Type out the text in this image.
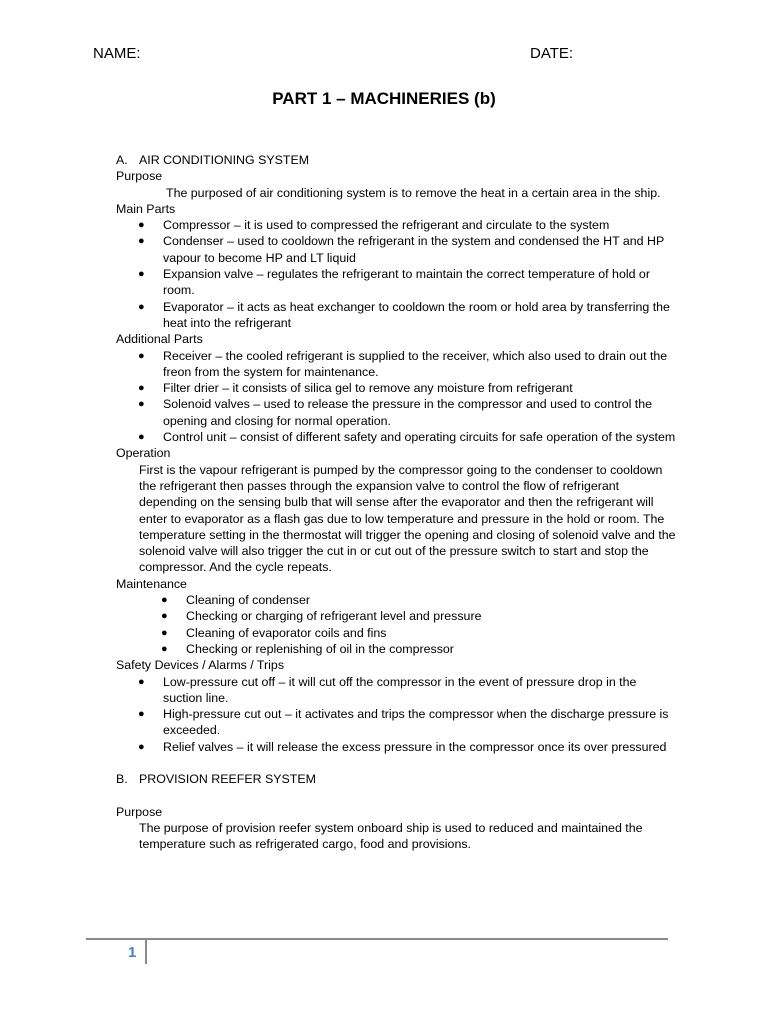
NAME:	DATE:
PART 1 – MACHINERIES (b)

A. AIR CONDITIONING SYSTEM

Purpose

The purposed of air conditioning system is to remove the heat in a certain area in the ship.

Main Parts

● Compressor – it is used to compressed the refrigerant and circulate to the system
● Condenser – used to cooldown the refrigerant in the system and condensed the HT and HP vapour to become HP and LT liquid
● Expansion valve – regulates the refrigerant to maintain the correct temperature of hold or room.
● Evaporator – it acts as heat exchanger to cooldown the room or hold area by transferring the heat into the refrigerant

Additional Parts

● Receiver – the cooled refrigerant is supplied to the receiver, which also used to drain out the freon from the system for maintenance.
● Filter drier – it consists of silica gel to remove any moisture from refrigerant
● Solenoid valves – used to release the pressure in the compressor and used to control the opening and closing for normal operation.
● Control unit – consist of different safety and operating circuits for safe operation of the system

Operation

First is the vapour refrigerant is pumped by the compressor going to the condenser to cooldown the refrigerant then passes through the expansion valve to control the flow of refrigerant depending on the sensing bulb that will sense after the evaporator and then the refrigerant will enter to evaporator as a flash gas due to low temperature and pressure in the hold or room. The temperature setting in the thermostat will trigger the opening and closing of solenoid valve and the solenoid valve will also trigger the cut in or cut out of the pressure switch to start and stop the compressor. And the cycle repeats.

Maintenance

● Cleaning of condenser
● Checking or charging of refrigerant level and pressure
● Cleaning of evaporator coils and fins
● Checking or replenishing of oil in the compressor

Safety Devices / Alarms / Trips

● Low-pressure cut off – it will cut off the compressor in the event of pressure drop in the suction line.
● High-pressure cut out – it activates and trips the compressor when the discharge pressure is exceeded.
● Relief valves – it will release the excess pressure in the compressor once its over pressured

B. PROVISION REEFER SYSTEM

Purpose

The purpose of provision reefer system onboard ship is used to reduced and maintained the temperature such as refrigerated cargo, food and provisions.

1
